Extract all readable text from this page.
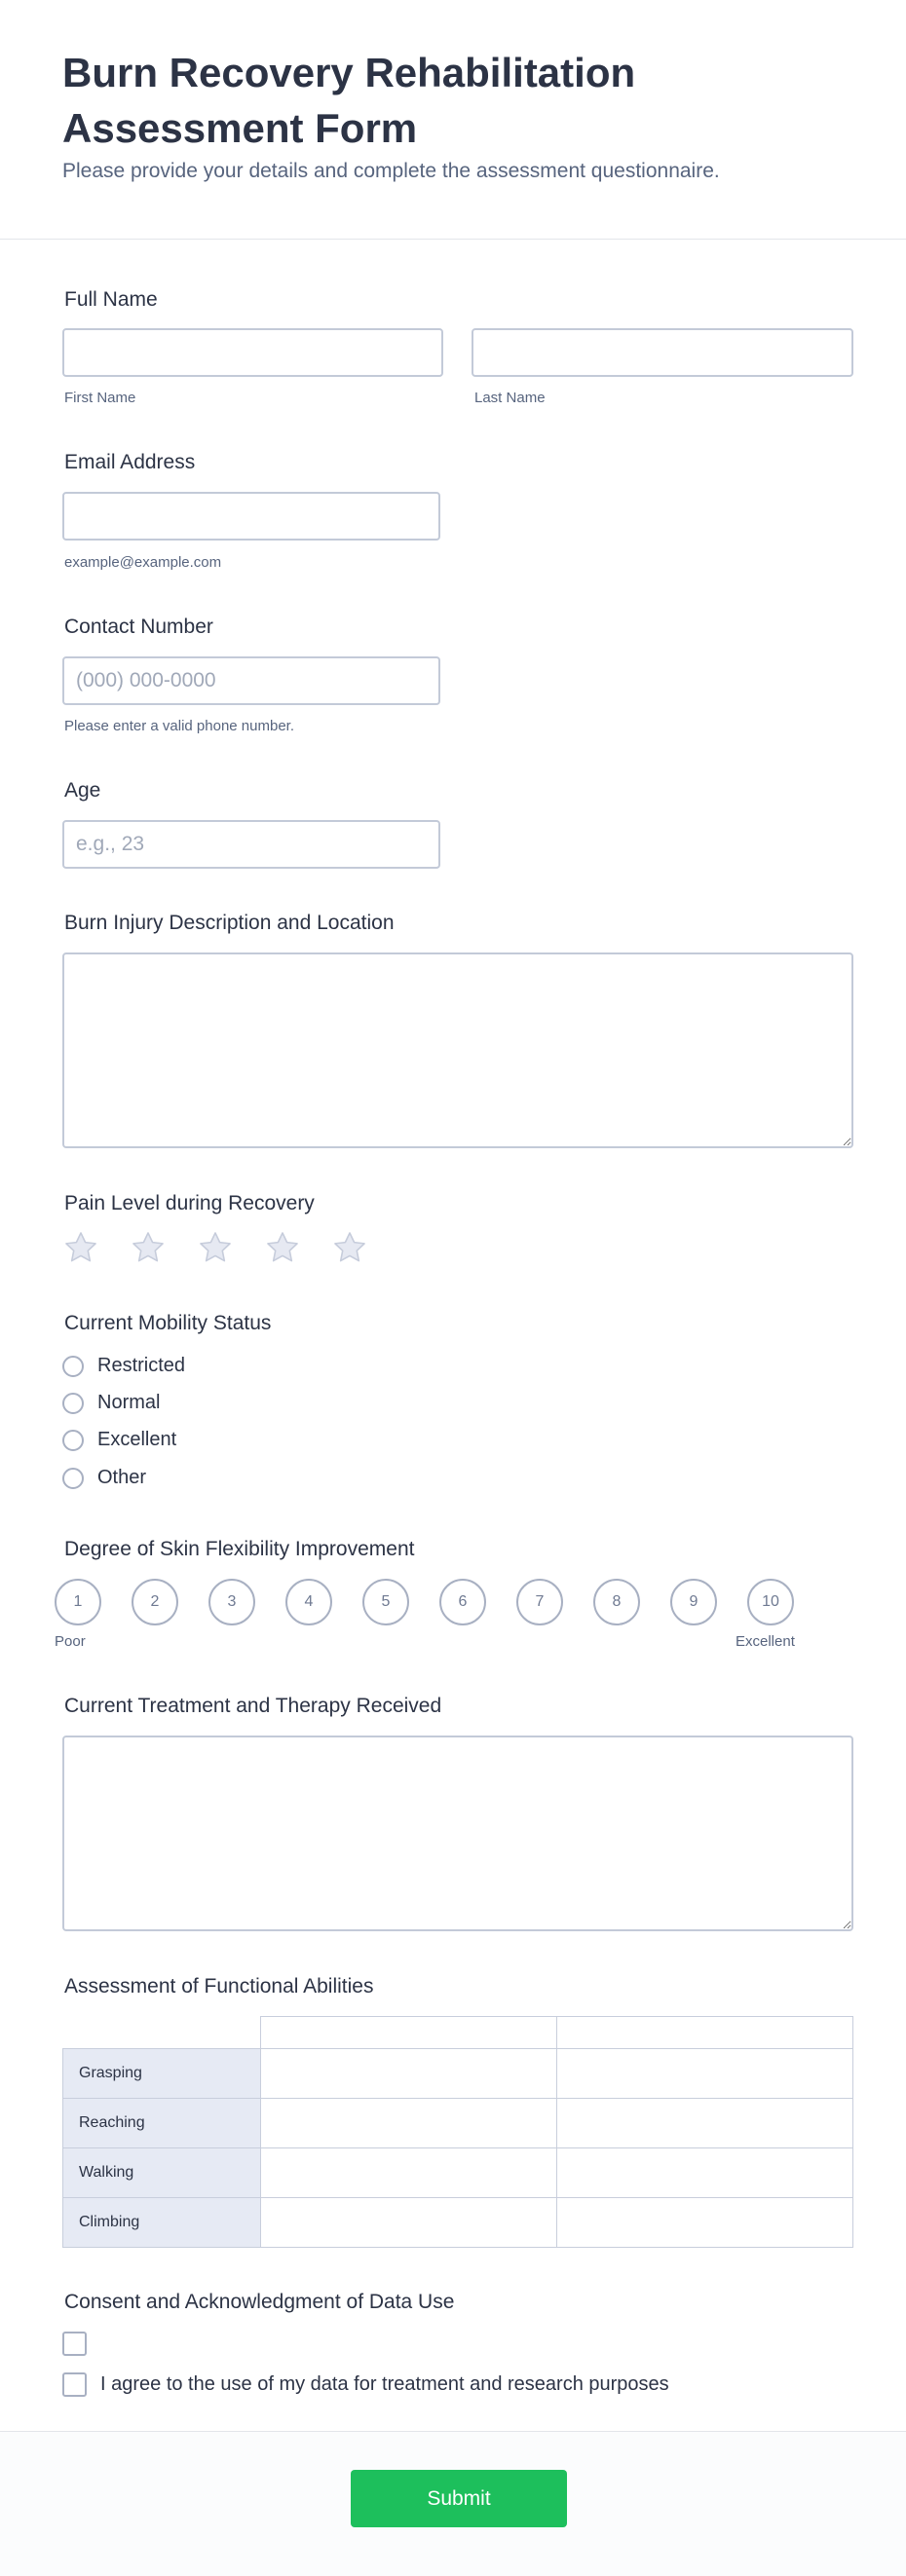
Burn Recovery Rehabilitation Assessment Form
Please provide your details and complete the assessment questionnaire.
Full Name
First Name	Last Name
Email Address
example@example.com
Contact Number
(000) 000-0000
Please enter a valid phone number.
Age
e.g., 23
Burn Injury Description and Location
Pain Level during Recovery
Current Mobility Status
Restricted
Normal
Excellent
Other
Degree of Skin Flexibility Improvement
1	2	3	4	5	6	7	8	9	10
Poor	Excellent
Current Treatment and Therapy Received
Assessment of Functional Abilities

Grasping		
Reaching		
Walking		
Climbing		
Consent and Acknowledgment of Data Use
I agree to the use of my data for treatment and research purposes
Submit
